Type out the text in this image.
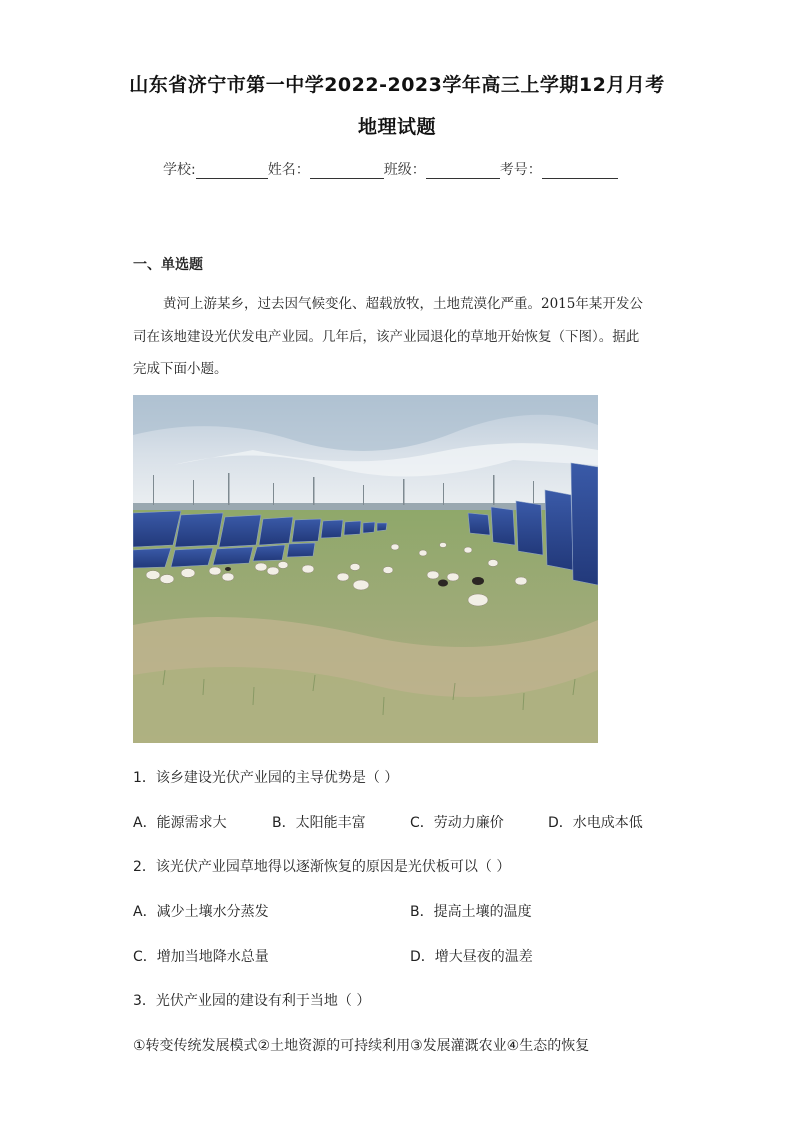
山东省济宁市第一中学2022-2023学年高三上学期12月月考
地理试题
学校:	姓名：	班级：	考号：
一、单选题
黄河上游某乡，过去因气候变化、超载放牧，土地荒漠化严重。2015年某开发公
司在该地建设光伏发电产业园。几年后，该产业园退化的草地开始恢复（下图）。据此
完成下面小题。
1．该乡建设光伏产业园的主导优势是（ ）
A．能源需求大	B．太阳能丰富	C．劳动力廉价	D．水电成本低
2．该光伏产业园草地得以逐渐恢复的原因是光伏板可以（ ）
A．减少土壤水分蒸发	B．提高土壤的温度
C．增加当地降水总量	D．增大昼夜的温差
3．光伏产业园的建设有利于当地（ ）
①转变传统发展模式②土地资源的可持续利用③发展灌溉农业④生态的恢复
